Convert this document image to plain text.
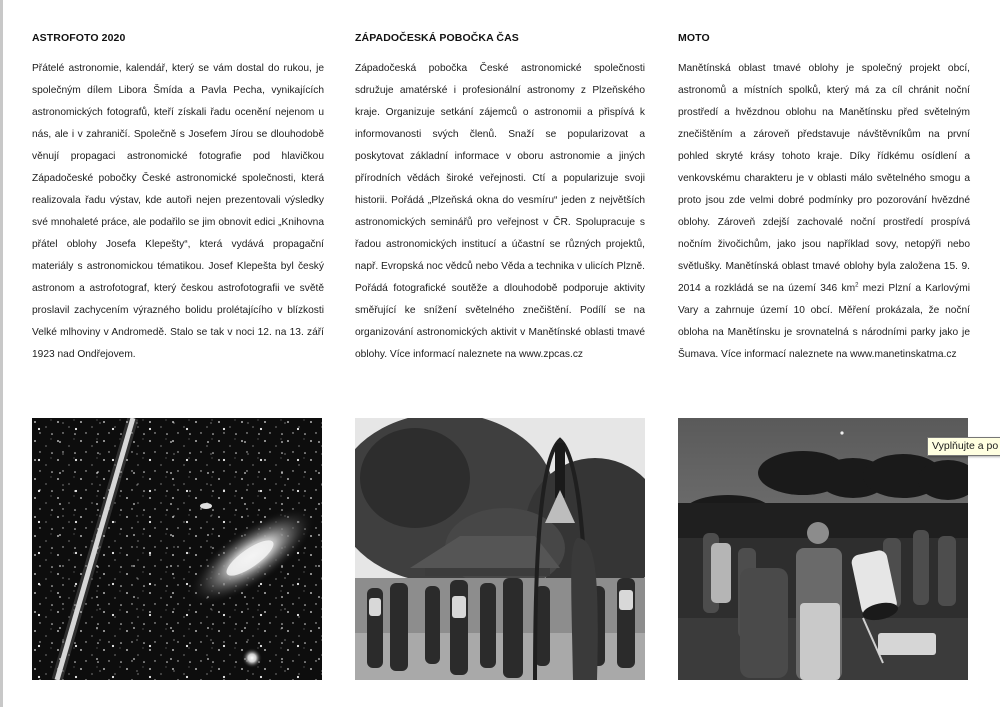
ASTROFOTO 2020

Přátelé astronomie, kalendář, který se vám dostal do rukou, je společným dílem Libora Šmída a Pavla Pecha, vynikajících astronomických fotografů, kteří získali řadu ocenění nejenom u nás, ale i v zahraničí. Společně s Josefem Jírou se dlouhodobě věnují propagaci astronomické fotografie pod hlavičkou Západočeské pobočky České astronomické společnosti, která realizovala řadu výstav, kde autoři nejen prezentovali výsledky své mnohaleté práce, ale podařilo se jim obnovit edici „Knihovna přátel oblohy Josefa Klepešty“, která vydává propagační materiály s astronomickou tématikou. Josef Klepešta byl český astronom a astrofotograf, který českou astrofotografii ve světě proslavil zachycením výrazného bolidu prolétajícího v blízkosti Velké mlhoviny v Andromedě. Stalo se tak v noci 12. na 13. září 1923 nad Ondřejovem.

ZÁPADOČESKÁ POBOČKA ČAS

Západočeská pobočka České astronomické společnosti sdružuje amatérské i profesionální astronomy z Plzeňského kraje. Organizuje setkání zájemců o astronomii a přispívá k informovanosti svých členů. Snaží se popularizovat a poskytovat základní informace v oboru astronomie a jiných přírodních vědách široké veřejnosti. Ctí a popularizuje svoji historii. Pořádá „Plzeňská okna do vesmíru“ jeden z největších astronomických seminářů pro veřejnost v ČR. Spolupracuje s řadou astronomických institucí a účastní se různých projektů, např. Evropská noc vědců nebo Věda a technika v ulicích Plzně. Pořádá fotografické soutěže a dlouhodobě podporuje aktivity směřující ke snížení světelného znečištění. Podílí se na organizování astronomických aktivit v Manětínské oblasti tmavé oblohy. Více informací naleznete na www.zpcas.cz

MOTO

Manětínská oblast tmavé oblohy je společný projekt obcí, astronomů a místních spolků, který má za cíl chránit noční prostředí a hvězdnou oblohu na Manětínsku před světelným znečištěním a zároveň představuje návštěvníkům na první pohled skryté krásy tohoto kraje. Díky řídkému osídlení a venkovskému charakteru je v oblasti málo světelného smogu a proto jsou zde velmi dobré podmínky pro pozorování hvězdné oblohy. Zároveň zdejší zachovalé noční prostředí prospívá nočním živočichům, jako jsou například sovy, netopýři nebo světlušky. Manětínská oblast tmavé oblohy byla založena 15. 9. 2014 a rozkládá se na území 346 $km^2$ mezi Plzní a Karlovými Vary a zahrnuje území 10 obcí. Měření prokázala, že noční obloha na Manětínsku je srovnatelná s národními parky jako je Šumava. Více informací naleznete na www.manetinskatma.cz

Vyplňujte a po
